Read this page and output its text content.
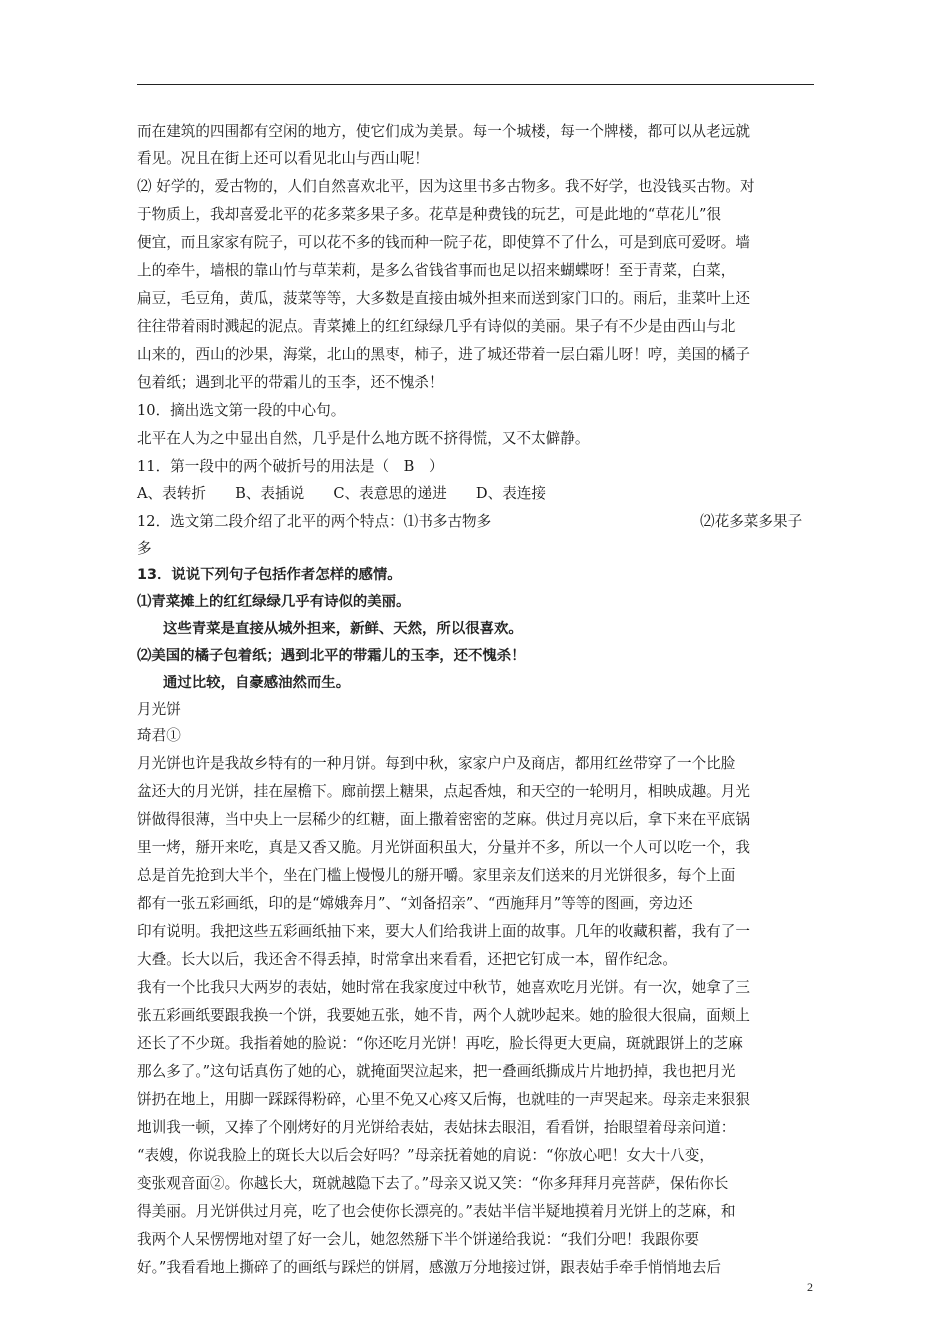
而在建筑的四围都有空闲的地方，使它们成为美景。每一个城楼，每一个牌楼，都可以从老远就
看见。况且在街上还可以看见北山与西山呢！
⑵ 好学的，爱古物的，人们自然喜欢北平，因为这里书多古物多。我不好学，也没钱买古物。对
于物质上，我却喜爱北平的花多菜多果子多。花草是种费钱的玩艺，可是此地的“草花儿”很
便宜，而且家家有院子，可以花不多的钱而种一院子花，即使算不了什么，可是到底可爱呀。墙
上的牵牛，墙根的靠山竹与草茉莉，是多么省钱省事而也足以招来蝴蝶呀！至于青菜，白菜，
扁豆，毛豆角，黄瓜，菠菜等等，大多数是直接由城外担来而送到家门口的。雨后，韭菜叶上还
往往带着雨时溅起的泥点。青菜摊上的红红绿绿几乎有诗似的美丽。果子有不少是由西山与北
山来的，西山的沙果，海棠，北山的黑枣，柿子，进了城还带着一层白霜儿呀！哼，美国的橘子
包着纸；遇到北平的带霜儿的玉李，还不愧杀！
10．摘出选文第一段的中心句。
北平在人为之中显出自然，几乎是什么地方既不挤得慌，又不太僻静。
11．第一段中的两个破折号的用法是（　B　）
A、表转折　　B、表插说　　C、表意思的递进　　D、表连接
12．选文第二段介绍了北平的两个特点：⑴书多古物多	⑵花多菜多果子
多
13．说说下列句子包括作者怎样的感情。
⑴青菜摊上的红红绿绿几乎有诗似的美丽。
这些青菜是直接从城外担来，新鲜、天然，所以很喜欢。
⑵美国的橘子包着纸；遇到北平的带霜儿的玉李，还不愧杀！
通过比较，自豪感油然而生。
月光饼
琦君①
月光饼也许是我故乡特有的一种月饼。每到中秋，家家户户及商店，都用红丝带穿了一个比脸
盆还大的月光饼，挂在屋檐下。廊前摆上糖果，点起香烛，和天空的一轮明月，相映成趣。月光
饼做得很薄，当中央上一层稀少的红糖，面上撒着密密的芝麻。供过月亮以后，拿下来在平底锅
里一烤，掰开来吃，真是又香又脆。月光饼面积虽大，分量并不多，所以一个人可以吃一个，我
总是首先抢到大半个，坐在门槛上慢慢儿的掰开嚼。家里亲友们送来的月光饼很多，每个上面
都有一张五彩画纸，印的是“嫦娥奔月”、“刘备招亲”、“西施拜月”等等的图画，旁边还
印有说明。我把这些五彩画纸抽下来，要大人们给我讲上面的故事。几年的收藏积蓄，我有了一
大叠。长大以后，我还舍不得丢掉，时常拿出来看看，还把它钉成一本，留作纪念。
我有一个比我只大两岁的表姑，她时常在我家度过中秋节，她喜欢吃月光饼。有一次，她拿了三
张五彩画纸要跟我换一个饼，我要她五张，她不肯，两个人就吵起来。她的脸很大很扁，面颊上
还长了不少斑。我指着她的脸说：“你还吃月光饼！再吃，脸长得更大更扁，斑就跟饼上的芝麻
那么多了。”这句话真伤了她的心，就掩面哭泣起来，把一叠画纸撕成片片地扔掉，我也把月光
饼扔在地上，用脚一踩踩得粉碎，心里不免又心疼又后悔，也就哇的一声哭起来。母亲走来狠狠
地训我一顿，又捧了个刚烤好的月光饼给表姑，表姑抹去眼泪，看看饼，抬眼望着母亲问道：
“表嫂，你说我脸上的斑长大以后会好吗？”母亲抚着她的肩说：“你放心吧！女大十八变，
变张观音面②。你越长大，斑就越隐下去了。”母亲又说又笑：“你多拜拜月亮菩萨，保佑你长
得美丽。月光饼供过月亮，吃了也会使你长漂亮的。”表姑半信半疑地摸着月光饼上的芝麻，和
我两个人呆愣愣地对望了好一会儿，她忽然掰下半个饼递给我说：“我们分吧！我跟你要
好。”我看看地上撕碎了的画纸与踩烂的饼屑，感激万分地接过饼，跟表姑手牵手悄悄地去后
2
